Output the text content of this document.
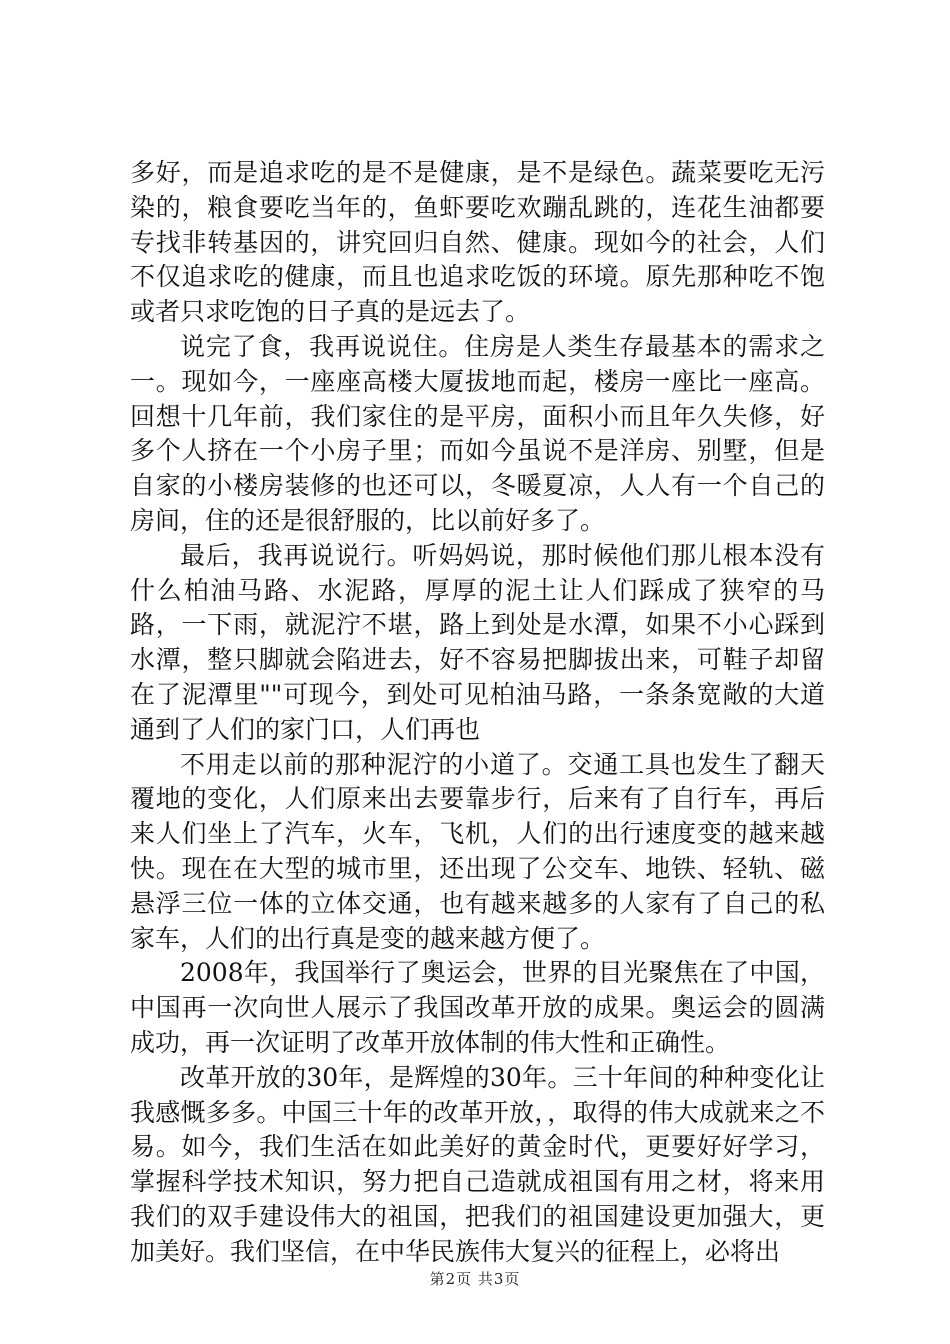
多好，而是追求吃的是不是健康，是不是绿色。蔬菜要吃无污染的，粮食要吃当年的，鱼虾要吃欢蹦乱跳的，连花生油都要专找非转基因的，讲究回归自然、健康。现如今的社会，人们不仅追求吃的健康，而且也追求吃饭的环境。原先那种吃不饱或者只求吃饱的日子真的是远去了。

说完了食，我再说说住。住房是人类生存最基本的需求之一。现如今，一座座高楼大厦拔地而起，楼房一座比一座高。回想十几年前，我们家住的是平房，面积小而且年久失修，好多个人挤在一个小房子里；而如今虽说不是洋房、别墅，但是自家的小楼房装修的也还可以，冬暖夏凉，人人有一个自己的房间，住的还是很舒服的，比以前好多了。

最后，我再说说行。听妈妈说，那时候他们那儿根本没有什么柏油马路、水泥路，厚厚的泥土让人们踩成了狭窄的马路，一下雨，就泥泞不堪，路上到处是水潭，如果不小心踩到水潭，整只脚就会陷进去，好不容易把脚拔出来，可鞋子却留在了泥潭里""可现今，到处可见柏油马路，一条条宽敞的大道通到了人们的家门口，人们再也

不用走以前的那种泥泞的小道了。交通工具也发生了翻天覆地的变化，人们原来出去要靠步行，后来有了自行车，再后来人们坐上了汽车，火车，飞机，人们的出行速度变的越来越快。现在在大型的城市里，还出现了公交车、地铁、轻轨、磁悬浮三位一体的立体交通，也有越来越多的人家有了自己的私家车，人们的出行真是变的越来越方便了。

2008年，我国举行了奥运会，世界的目光聚焦在了中国，中国再一次向世人展示了我国改革开放的成果。奥运会的圆满成功，再一次证明了改革开放体制的伟大性和正确性。

改革开放的30年，是辉煌的30年。三十年间的种种变化让我感慨多多。中国三十年的改革开放，，取得的伟大成就来之不易。如今，我们生活在如此美好的黄金时代，更要好好学习，掌握科学技术知识，努力把自己造就成祖国有用之材，将来用我们的双手建设伟大的祖国，把我们的祖国建设更加强大，更加美好。我们坚信，在中华民族伟大复兴的征程上，必将出

第2页 共3页
